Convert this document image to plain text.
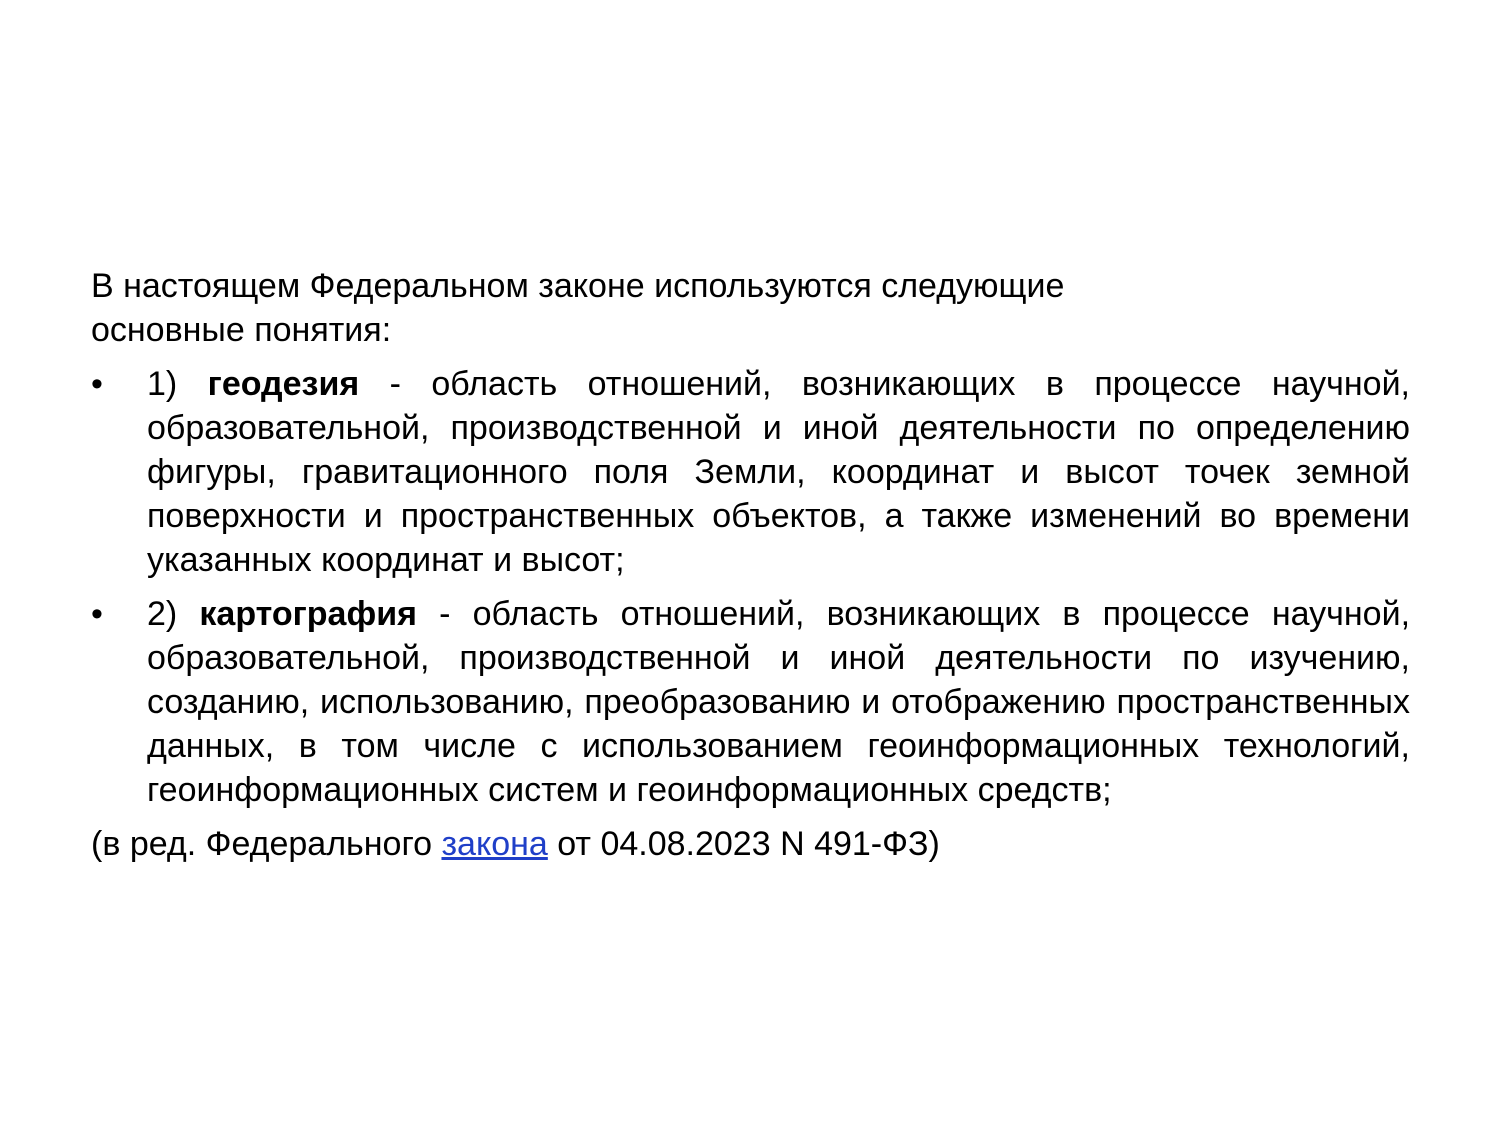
В настоящем Федеральном законе используются следующие
основные понятия:

• 1) геодезия - область отношений, возникающих в процессе научной, образовательной, производственной и иной деятельности по определению фигуры, гравитационного поля Земли, координат и высот точек земной поверхности и пространственных объектов, а также изменений во времени указанных координат и высот;
• 2) картография - область отношений, возникающих в процессе научной, образовательной, производственной и иной деятельности по изучению, созданию, использованию, преобразованию и отображению пространственных данных, в том числе с использованием геоинформационных технологий, геоинформационных систем и геоинформационных средств;

(в ред. Федерального закона от 04.08.2023 N 491-ФЗ)
